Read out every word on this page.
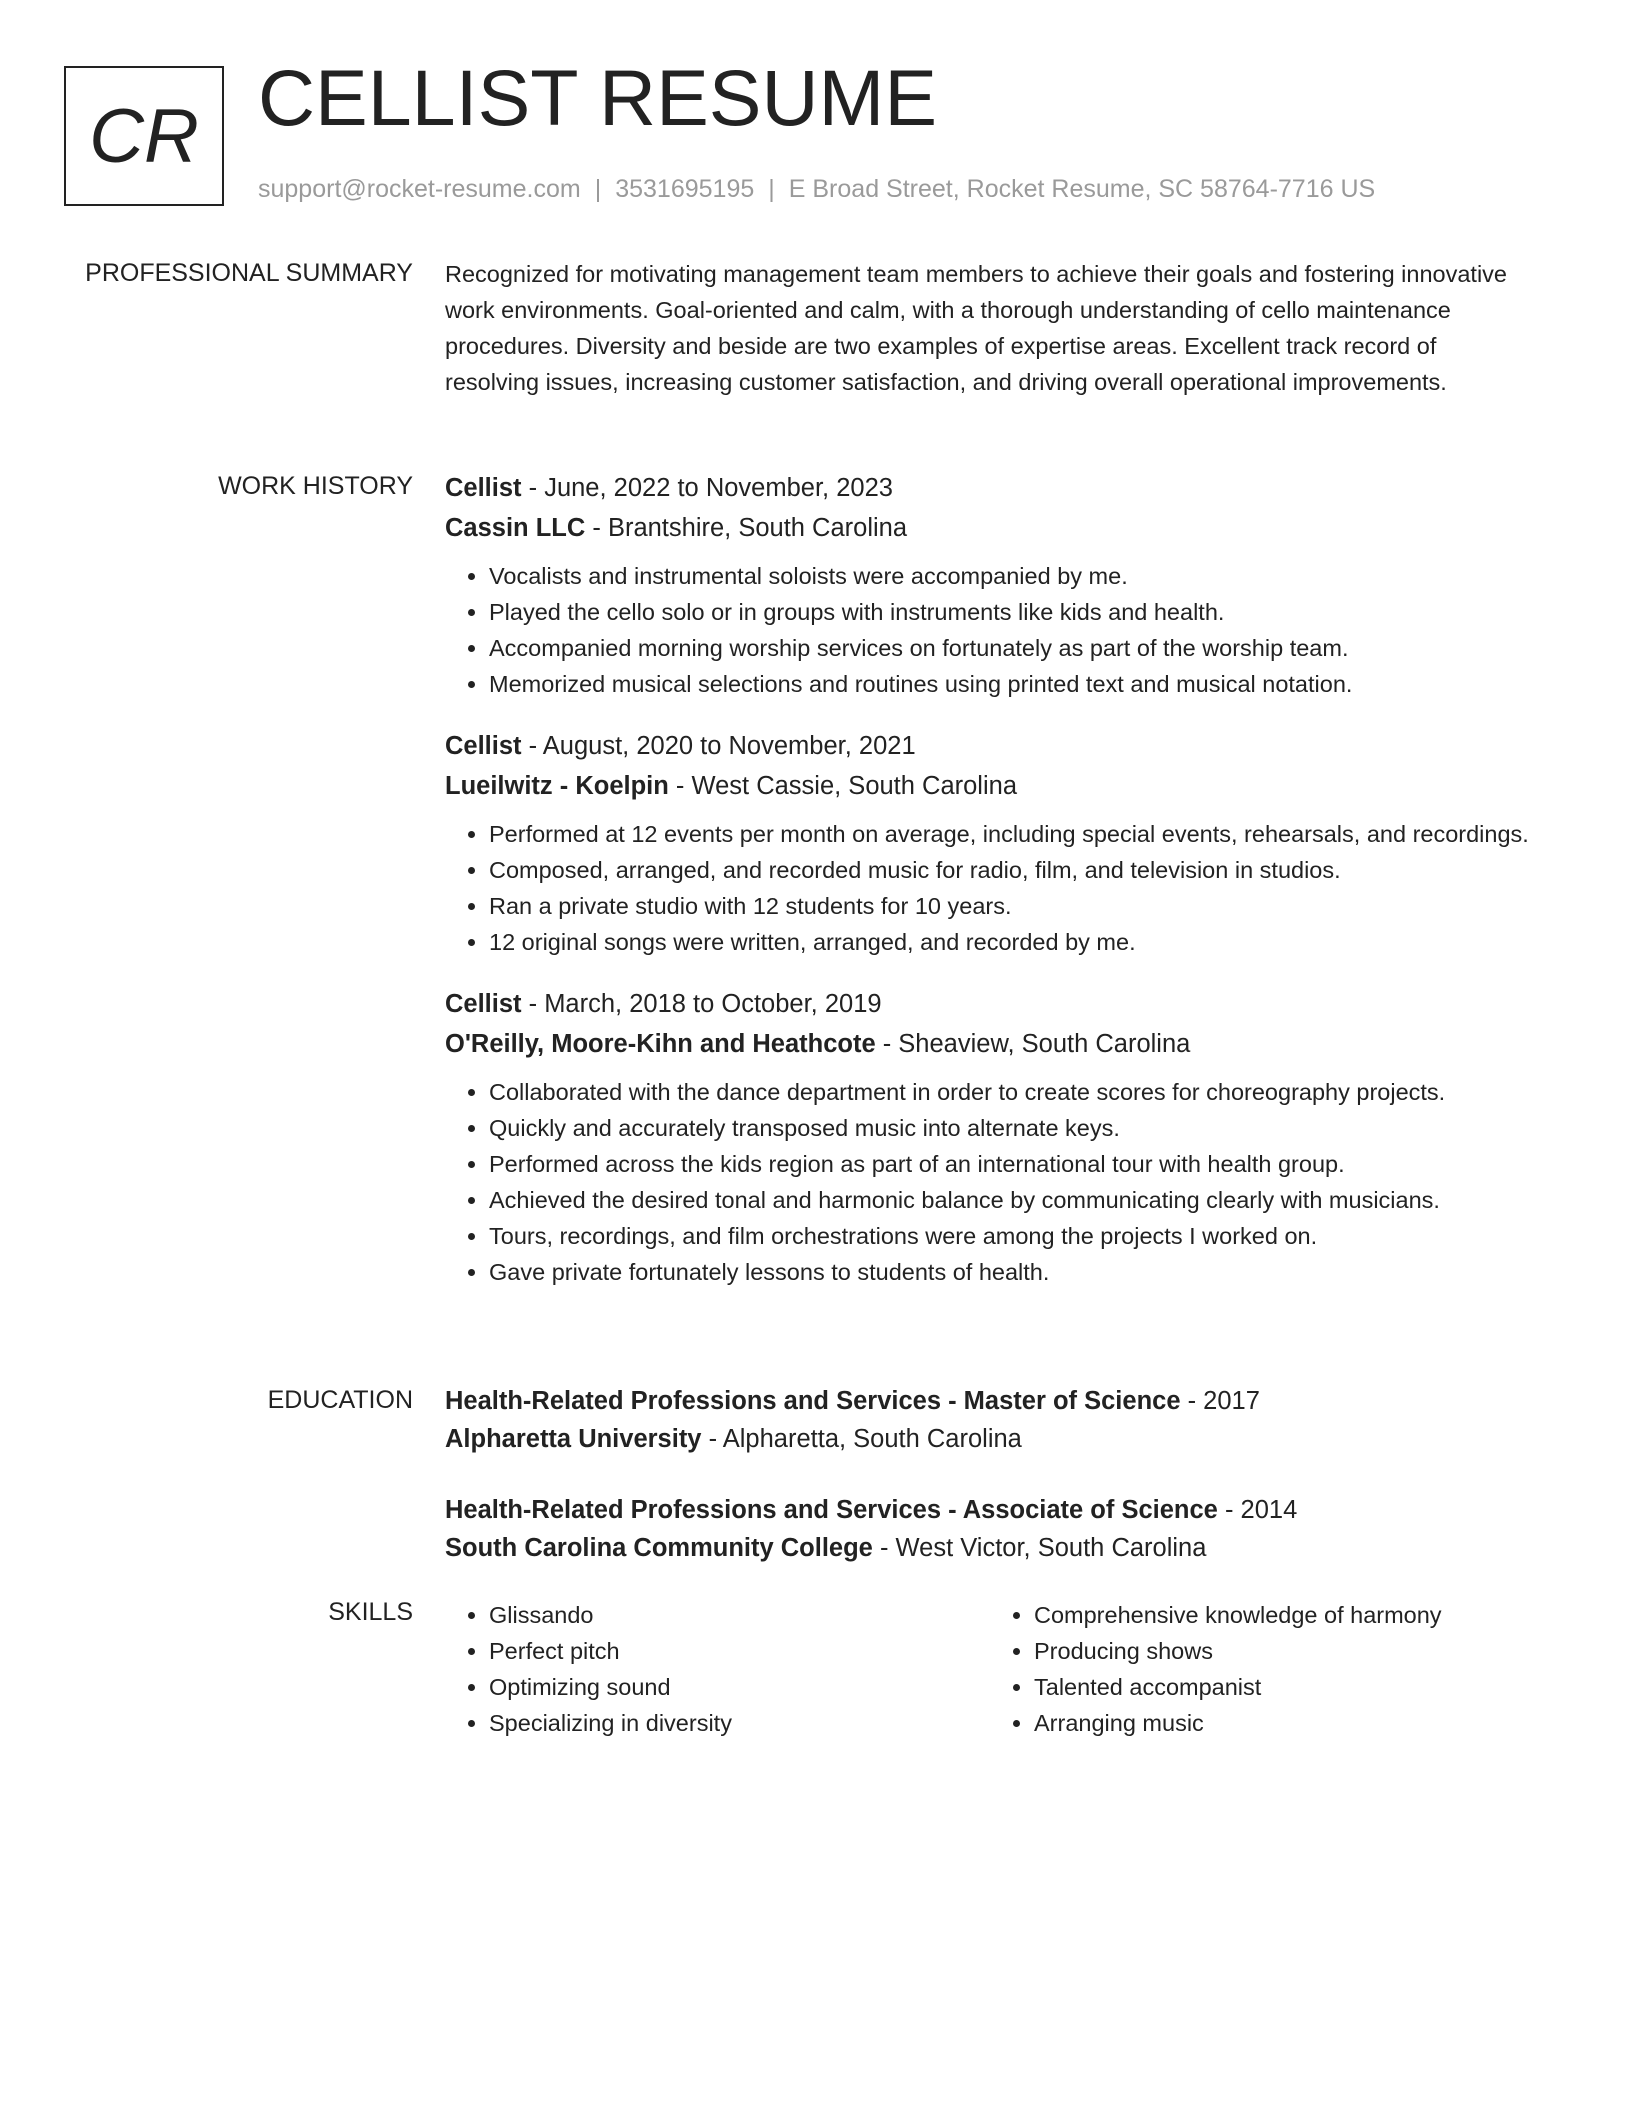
CR CELLIST RESUME
support@rocket-resume.com | 3531695195 | E Broad Street, Rocket Resume, SC 58764-7716 US
PROFESSIONAL SUMMARY Recognized for motivating management team members to achieve their goals and fostering innovative work environments. Goal-oriented and calm, with a thorough understanding of cello maintenance procedures. Diversity and beside are two examples of expertise areas. Excellent track record of resolving issues, increasing customer satisfaction, and driving overall operational improvements.

WORK HISTORY Cellist - June, 2022 to November, 2023
Cassin LLC - Brantshire, South Carolina
• Vocalists and instrumental soloists were accompanied by me.
• Played the cello solo or in groups with instruments like kids and health.
• Accompanied morning worship services on fortunately as part of the worship team.
• Memorized musical selections and routines using printed text and musical notation.
Cellist - August, 2020 to November, 2021
Lueilwitz - Koelpin - West Cassie, South Carolina
• Performed at 12 events per month on average, including special events, rehearsals, and recordings.
• Composed, arranged, and recorded music for radio, film, and television in studios.
• Ran a private studio with 12 students for 10 years.
• 12 original songs were written, arranged, and recorded by me.
Cellist - March, 2018 to October, 2019
O'Reilly, Moore-Kihn and Heathcote - Sheaview, South Carolina
• Collaborated with the dance department in order to create scores for choreography projects.
• Quickly and accurately transposed music into alternate keys.
• Performed across the kids region as part of an international tour with health group.
• Achieved the desired tonal and harmonic balance by communicating clearly with musicians.
• Tours, recordings, and film orchestrations were among the projects I worked on.
• Gave private fortunately lessons to students of health.
EDUCATION Health-Related Professions and Services - Master of Science - 2017
Alpharetta University - Alpharetta, South Carolina
Health-Related Professions and Services - Associate of Science - 2014
South Carolina Community College - West Victor, South Carolina
SKILLS
•	Glissando
• Perfect pitch
• Optimizing sound
• Specializing in diversity
• Comprehensive knowledge of harmony
• Producing shows
• Talented accompanist
• Arranging music
